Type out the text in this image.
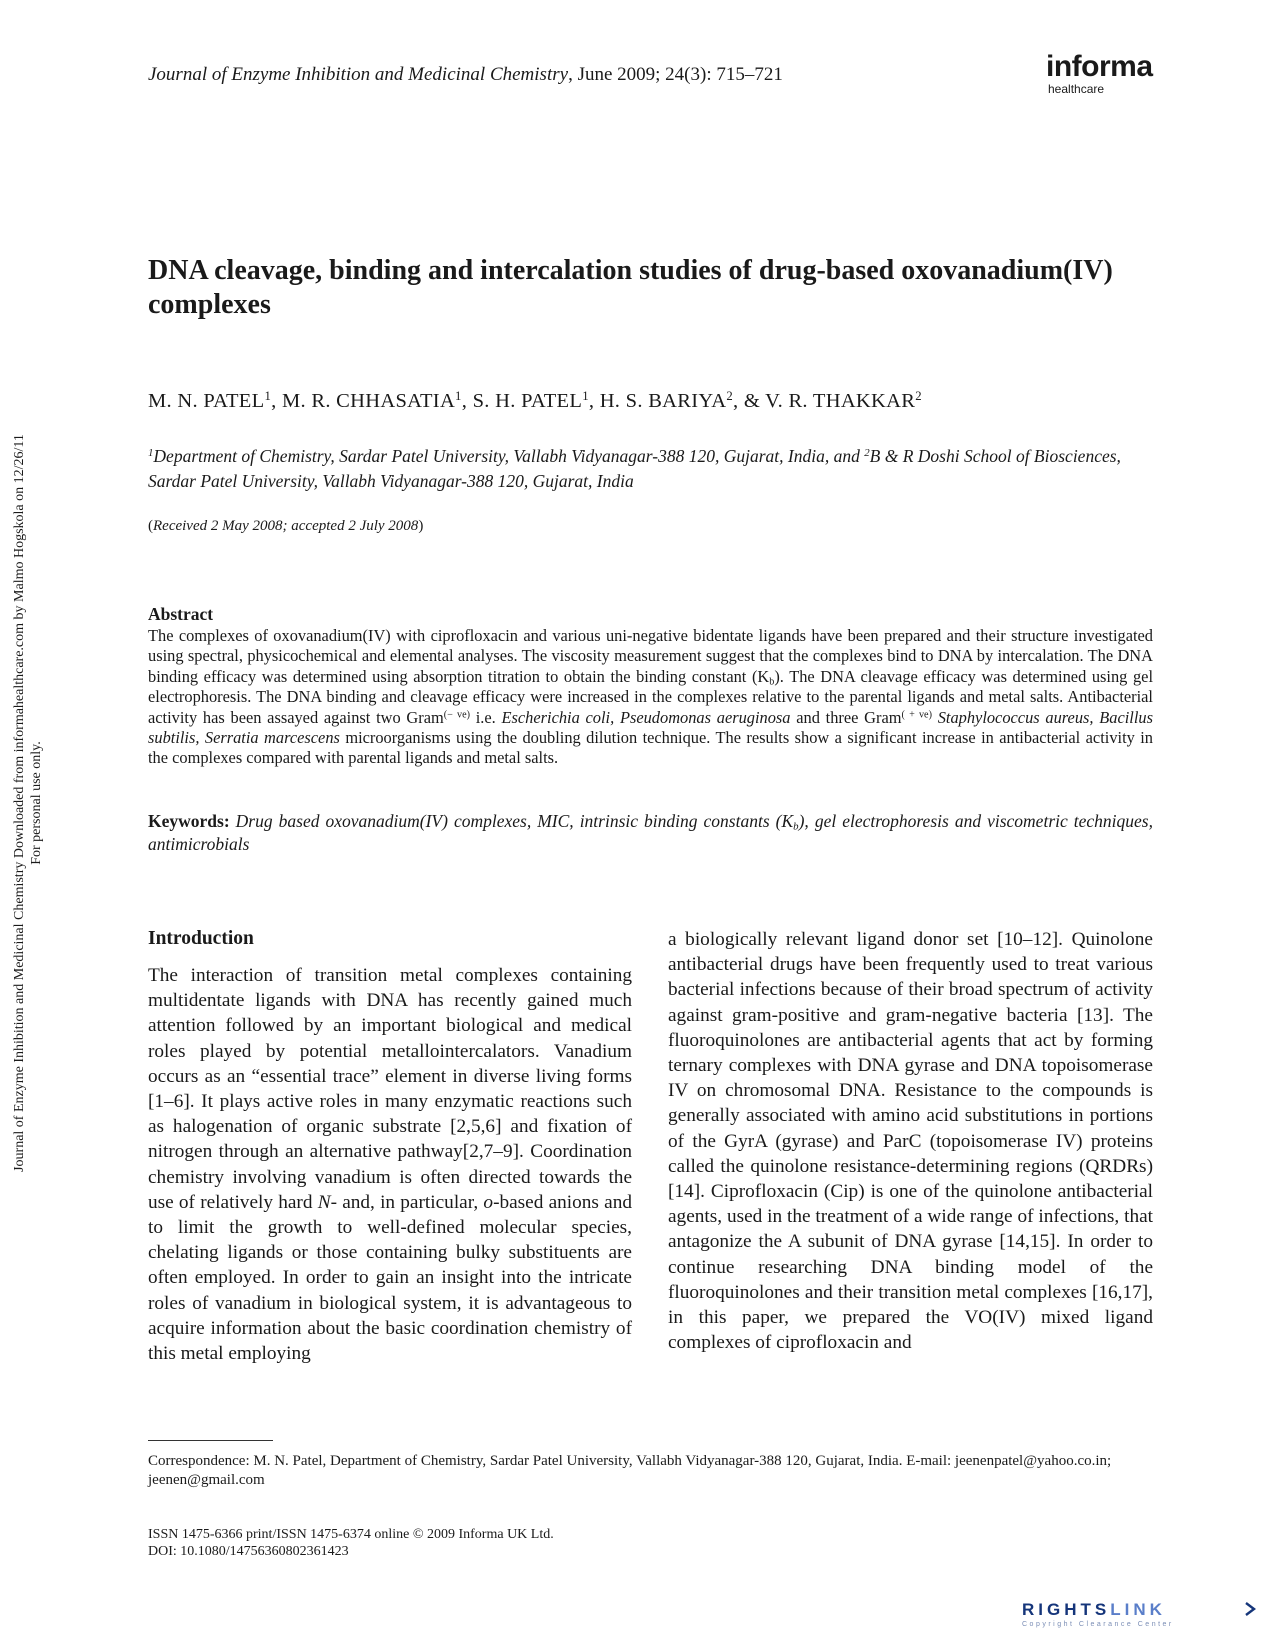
Journal of Enzyme Inhibition and Medicinal Chemistry, June 2009; 24(3): 715–721	informa
healthcare
Journal of Enzyme Inhibition and Medicinal Chemistry Downloaded from informahealthcare.com by Malmo Hogskola on 12/26/11 For personal use only.
DNA cleavage, binding and intercalation studies of drug-based oxovanadium(IV) complexes
M. N. PATEL$^1$, M. R. CHHASATIA$^1$, S. H. PATEL$^1$, H. S. BARIYA$^2$, & V. R. THAKKAR$^2$
$^1$Department of Chemistry, Sardar Patel University, Vallabh Vidyanagar-388 120, Gujarat, India, and $^2$B & R Doshi School of Biosciences, Sardar Patel University, Vallabh Vidyanagar-388 120, Gujarat, India
(Received 2 May 2008; accepted 2 July 2008)
Abstract

The complexes of oxovanadium(IV) with ciprofloxacin and various uni-negative bidentate ligands have been prepared and their structure investigated using spectral, physicochemical and elemental analyses. The viscosity measurement suggest that the complexes bind to DNA by intercalation. The DNA binding efficacy was determined using absorption titration to obtain the binding constant $(K_b)$. The DNA cleavage efficacy was determined using gel electrophoresis. The DNA binding and cleavage efficacy were increased in the complexes relative to the parental ligands and metal salts. Antibacterial activity has been assayed against two Gram$^{(- ve)}$ i.e. Escherichia coli, Pseudomonas aeruginosa and three Gram$^{( + ve)}$ Staphylococcus aureus, Bacillus subtilis, Serratia marcescens microorganisms using the doubling dilution technique. The results show a significant increase in antibacterial activity in the complexes compared with parental ligands and metal salts.

Keywords: Drug based oxovanadium(IV) complexes, MIC, intrinsic binding constants $(K_b)$, gel electrophoresis and viscometric techniques, antimicrobials

Introduction

The interaction of transition metal complexes containing multidentate ligands with DNA has recently gained much attention followed by an important biological and medical roles played by potential metallointercalators. Vanadium occurs as an “essential trace” element in diverse living forms [1–6]. It plays active roles in many enzymatic reactions such as halogenation of organic substrate [2,5,6] and fixation of nitrogen through an alternative pathway[2,7–9]. Coordination chemistry involving vanadium is often directed towards the use of relatively hard N- and, in particular, o-based anions and to limit the growth to well-defined molecular species, chelating ligands or those containing bulky substituents are often employed. In order to gain an insight into the intricate roles of vanadium in biological system, it is advantageous to acquire information about the basic coordination chemistry of this metal employing

a biologically relevant ligand donor set [10–12]. Quinolone antibacterial drugs have been frequently used to treat various bacterial infections because of their broad spectrum of activity against gram-positive and gram-negative bacteria [13]. The fluoroquinolones are antibacterial agents that act by forming ternary complexes with DNA gyrase and DNA topoisomerase IV on chromosomal DNA. Resistance to the compounds is generally associated with amino acid substitutions in portions of the GyrA (gyrase) and ParC (topoisomerase IV) proteins called the quinolone resistance-determining regions (QRDRs) [14]. Ciprofloxacin (Cip) is one of the quinolone antibacterial agents, used in the treatment of a wide range of infections, that antagonize the A subunit of DNA gyrase [14,15]. In order to continue researching DNA binding model of the fluoroquinolones and their transition metal complexes [16,17], in this paper, we prepared the VO(IV) mixed ligand complexes of ciprofloxacin and

Correspondence: M. N. Patel, Department of Chemistry, Sardar Patel University, Vallabh Vidyanagar-388 120, Gujarat, India. E-mail: jeenenpatel@yahoo.co.in; jeenen@gmail.com

ISSN 1475-6366 print/ISSN 1475-6374 online © 2009 Informa UK Ltd.
DOI: 10.1080/14756360802361423
RIGHTSLINK
Copyright Clearance Center
